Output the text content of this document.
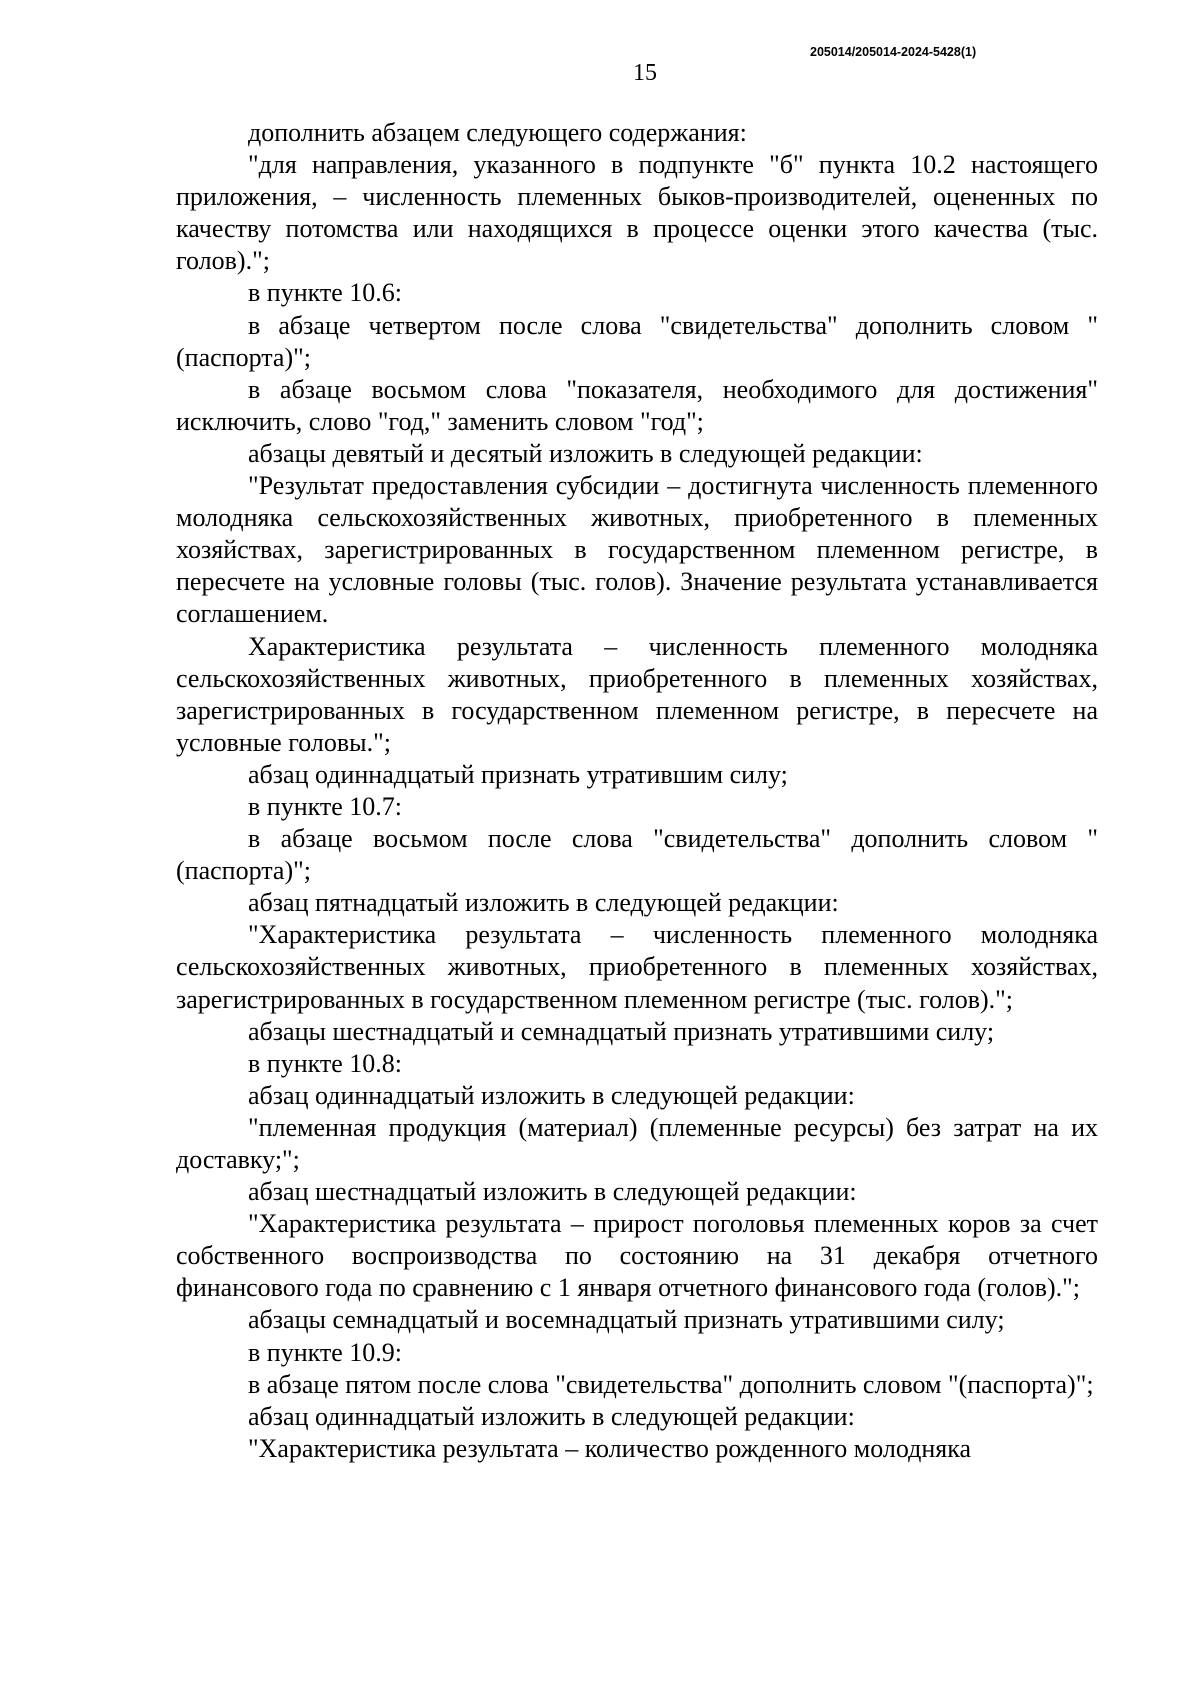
205014/205014-2024-5428(1)
15

дополнить абзацем следующего содержания:

"для направления, указанного в подпункте "б" пункта 10.2 настоящего приложения, – численность племенных быков-производителей, оцененных по качеству потомства или находящихся в процессе оценки этого качества (тыс. голов).";

в пункте 10.6:

в абзаце четвертом после слова "свидетельства" дополнить словом "(паспорта)";

в абзаце восьмом слова "показателя, необходимого для достижения" исключить, слово "год," заменить словом "год";

абзацы девятый и десятый изложить в следующей редакции:

"Результат предоставления субсидии – достигнута численность племенного молодняка сельскохозяйственных животных, приобретенного в племенных хозяйствах, зарегистрированных в государственном племенном регистре, в пересчете на условные головы (тыс. голов). Значение результата устанавливается соглашением.

Характеристика результата – численность племенного молодняка сельскохозяйственных животных, приобретенного в племенных хозяйствах, зарегистрированных в государственном племенном регистре, в пересчете на условные головы.";

абзац одиннадцатый признать утратившим силу;

в пункте 10.7:

в абзаце восьмом после слова "свидетельства" дополнить словом "(паспорта)";

абзац пятнадцатый изложить в следующей редакции:

"Характеристика результата – численность племенного молодняка сельскохозяйственных животных, приобретенного в племенных хозяйствах, зарегистрированных в государственном племенном регистре (тыс. голов).";

абзацы шестнадцатый и семнадцатый признать утратившими силу;

в пункте 10.8:

абзац одиннадцатый изложить в следующей редакции:

"племенная продукция (материал) (племенные ресурсы) без затрат на их доставку;";

абзац шестнадцатый изложить в следующей редакции:

"Характеристика результата – прирост поголовья племенных коров за счет собственного воспроизводства по состоянию на 31 декабря отчетного финансового года по сравнению с 1 января отчетного финансового года (голов).";

абзацы семнадцатый и восемнадцатый признать утратившими силу;

в пункте 10.9:

в абзаце пятом после слова "свидетельства" дополнить словом "(паспорта)";

абзац одиннадцатый изложить в следующей редакции:

"Характеристика результата – количество рожденного молодняка
